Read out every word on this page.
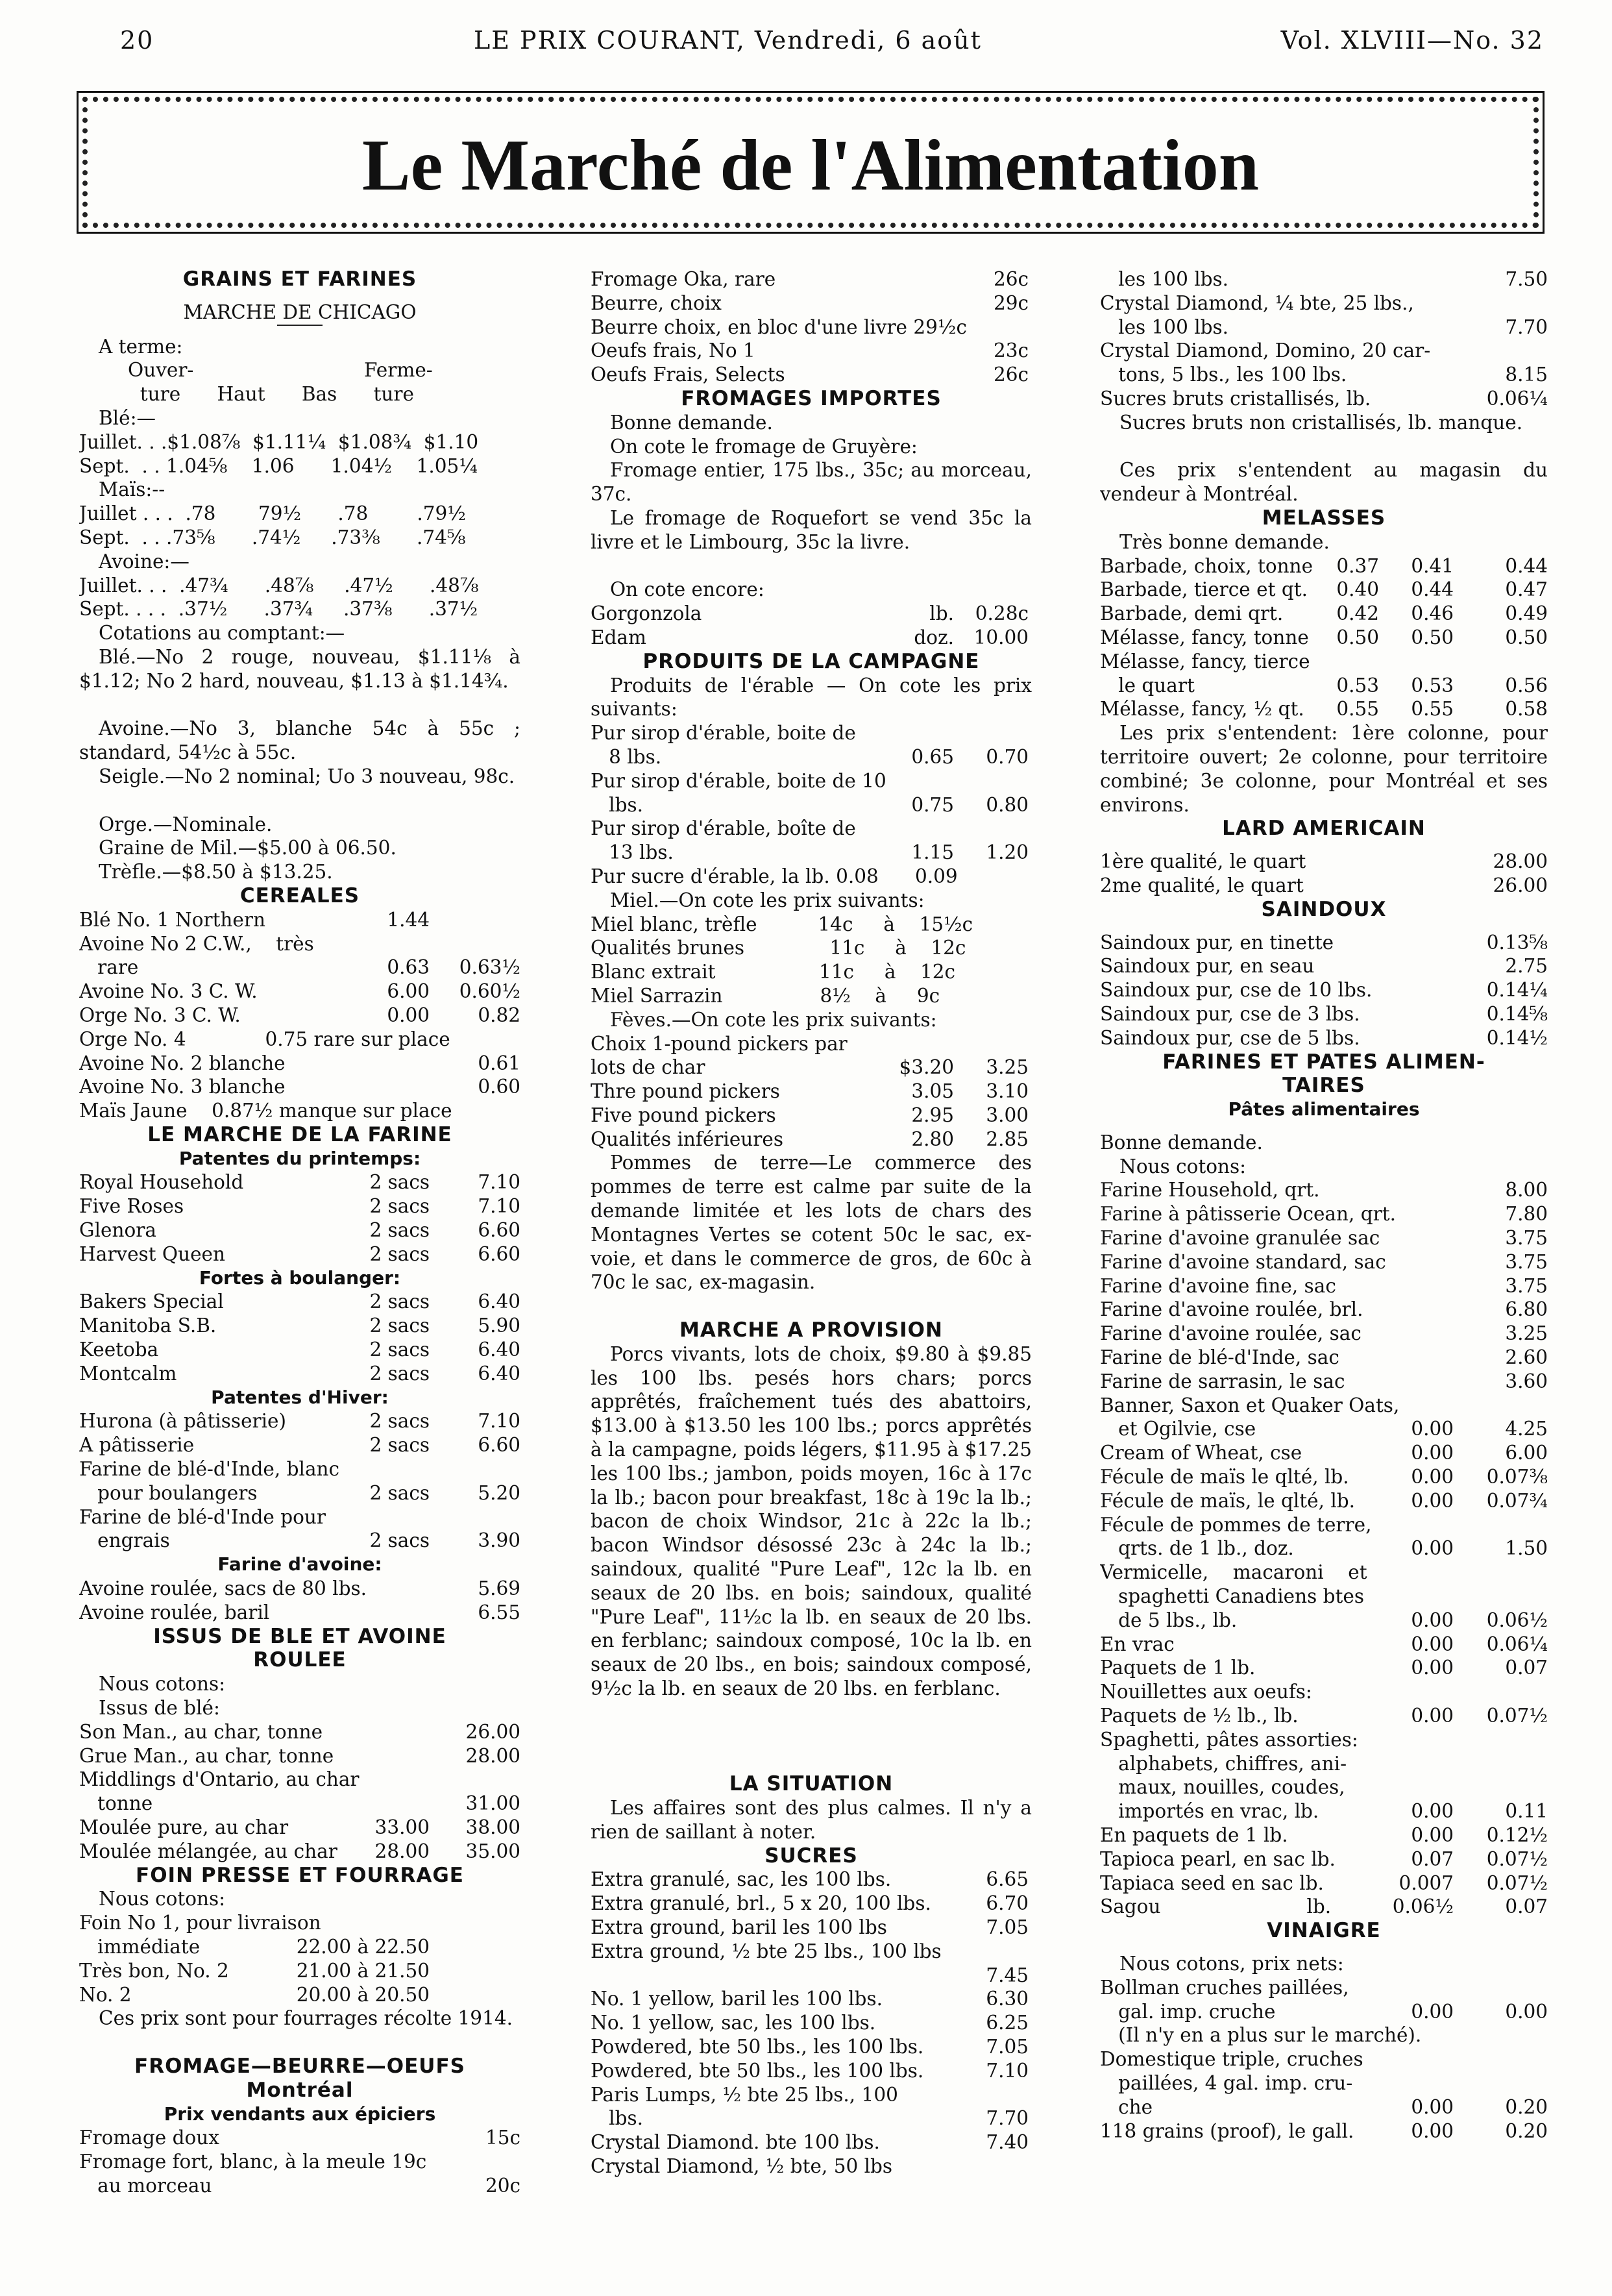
20	LE PRIX COURANT, Vendredi, 6 août	Vol. XLVIII—No. 32
Le Marché de l'Alimentation
GRAINS ET FARINES
MARCHE DE CHICAGO
A terme:
Ouver-                            Ferme-
ture      Haut      Bas      ture
Blé:—
Juillet. . .$1.08⅞  $1.11¼  $1.08¾  $1.10
Sept.  . . 1.04⅝    1.06      1.04½    1.05¼
Maïs:--
Juillet . . .  .78       79½      .78        .79½
Sept.  . . .73⅝      .74½     .73⅜      .74⅝
Avoine:—
Juillet. . .  .47¾      .48⅞     .47½      .48⅞
Sept. . . .  .37½      .37¾     .37⅜      .37½
Cotations au comptant:—
Blé.—No 2 rouge, nouveau, $1.11⅛ à $1.12; No 2 hard, nouveau, $1.13 à $1.14¾.
Avoine.—No 3, blanche 54c à 55c ; standard, 54½c à 55c.
Seigle.—No 2 nominal; Uo 3 nouveau, 98c.
Orge.—Nominale.
Graine de Mil.—$5.00 à 06.50.
Trèfle.—$8.50 à $13.25.
CEREALES
Blé No. 1 Northern	1.44
Avoine No 2 C.W.,    très
rare	0.63 0.63½
Avoine No. 3 C. W.	6.00 0.60½
Orge No. 3 C. W.	0.00	0.82
Orge No. 4             0.75 rare sur place
Avoine No. 2 blanche	0.61
Avoine No. 3 blanche	0.60
Maïs Jaune    0.87½ manque sur place
LE MARCHE DE LA FARINE
Patentes du printemps:
Royal Household	2 sacs	7.10
Five Roses	2 sacs	7.10
Glenora	2 sacs	6.60
Harvest Queen	2 sacs	6.60
Fortes à boulanger:
Bakers Special	2 sacs	6.40
Manitoba S.B.	2 sacs	5.90
Keetoba	2 sacs	6.40
Montcalm	2 sacs	6.40
Patentes d'Hiver:
Hurona (à pâtisserie)	2 sacs	7.10
A pâtisserie	2 sacs	6.60
Farine de blé-d'Inde, blanc
pour boulangers	2 sacs	5.20
Farine de blé-d'Inde pour
engrais	2 sacs	3.90
Farine d'avoine:
Avoine roulée, sacs de 80 lbs.	5.69
Avoine roulée, baril	6.55
ISSUS DE BLE ET AVOINE
ROULEE
Nous cotons:
Issus de blé:
Son Man., au char, tonne	26.00
Grue Man., au char, tonne	28.00
Middlings d'Ontario, au char
tonne	31.00
Moulée pure, au char	33.00 38.00
Moulée mélangée, au char 28.00 35.00
FOIN PRESSE ET FOURRAGE
Nous cotons:
Foin No 1, pour livraison
immédiate	22.00 à 22.50
Très bon, No. 2	21.00 à 21.50
No. 2	20.00 à 20.50
Ces prix sont pour fourrages récolte 1914.
FROMAGE—BEURRE—OEUFS
Montréal
Prix vendants aux épiciers
Fromage doux	15c
Fromage fort, blanc, à la meule 19c
au morceau	20c
Fromage Oka, rare	26c
Beurre, choix	29c
Beurre choix, en bloc d'une livre 29½c
Oeufs frais, No 1	23c
Oeufs Frais, Selects	26c
FROMAGES IMPORTES
Bonne demande.
On cote le fromage de Gruyère:
Fromage entier, 175 lbs., 35c; au morceau, 37c.
Le fromage de Roquefort se vend 35c la livre et le Limbourg, 35c la livre.
On cote encore:
Gorgonzola	lb. 0.28c
Edam	doz. 10.00
PRODUITS DE LA CAMPAGNE
Produits de l'érable — On cote les prix suivants:
Pur sirop d'érable, boite de
8 lbs.	0.65 0.70
Pur sirop d'érable, boite de 10
lbs.	0.75 0.80
Pur sirop d'érable, boîte de
13 lbs.	1.15 1.20
Pur sucre d'érable, la lb. 0.08      0.09
Miel.—On cote les prix suivants:
Miel blanc, trèfle          14c     à    15½c
Qualités brunes              11c     à    12c
Blanc extrait                 11c     à    12c
Miel Sarrazin                8½    à     9c
Fèves.—On cote les prix suivants:
Choix 1-pound pickers par
lots de char	$3.20 3.25
Thre pound pickers	3.05 3.10
Five pound pickers	2.95 3.00
Qualités inférieures	2.80 2.85
Pommes de terre—Le commerce des pommes de terre est calme par suite de la demande limitée et les lots de chars des Montagnes Vertes se cotent 50c le sac, ex-voie, et dans le commerce de gros, de 60c à 70c le sac, ex-magasin.
MARCHE A PROVISION
Porcs vivants, lots de choix, $9.80 à $9.85 les 100 lbs. pesés hors chars; porcs apprêtés, fraîchement tués des abattoirs, $13.00 à $13.50 les 100 lbs.; porcs apprêtés à la campagne, poids légers, $11.95 à $17.25 les 100 lbs.; jambon, poids moyen, 16c à 17c la lb.; bacon pour breakfast, 18c à 19c la lb.; bacon de choix Windsor, 21c à 22c la lb.; bacon Windsor désossé 23c à 24c la lb.; saindoux, qualité "Pure Leaf", 12c la lb. en seaux de 20 lbs. en bois; saindoux, qualité "Pure Leaf", 11½c la lb. en seaux de 20 lbs. en ferblanc; saindoux composé, 10c la lb. en seaux de 20 lbs., en bois; saindoux composé, 9½c la lb. en seaux de 20 lbs. en ferblanc.
LA SITUATION
Les affaires sont des plus calmes. Il n'y a rien de saillant à noter.
SUCRES
Extra granulé, sac, les 100 lbs.	6.65
Extra granulé, brl., 5 x 20, 100 lbs.	6.70
Extra ground, baril les 100 lbs	7.05
Extra ground, ½ bte 25 lbs., 100 lbs
7.45
No. 1 yellow, baril les 100 lbs.	6.30
No. 1 yellow, sac, les 100 lbs.	6.25
Powdered, bte 50 lbs., les 100 lbs.	7.05
Powdered, bte 50 lbs., les 100 lbs.	7.10
Paris Lumps, ½ bte 25 lbs., 100
lbs.	7.70
Crystal Diamond. bte 100 lbs.	7.40
Crystal Diamond, ½ bte, 50 lbs
les 100 lbs.	7.50
Crystal Diamond, ¼ bte, 25 lbs.,
les 100 lbs.	7.70
Crystal Diamond, Domino, 20 car-
tons, 5 lbs., les 100 lbs.	8.15
Sucres bruts cristallisés, lb.	0.06¼
Sucres bruts non cristallisés, lb. manque.
Ces prix s'entendent au magasin du vendeur à Montréal.
MELASSES
Très bonne demande.
Barbade, choix, tonne 0.37 0.41	0.44
Barbade, tierce et qt. 0.40 0.44	0.47
Barbade, demi qrt.	0.42 0.46	0.49
Mélasse, fancy, tonne 0.50 0.50	0.50
Mélasse, fancy, tierce
le quart	0.53 0.53	0.56
Mélasse, fancy, ½ qt. 0.55 0.55	0.58
Les prix s'entendent: 1ère colonne, pour territoire ouvert; 2e colonne, pour territoire combiné; 3e colonne, pour Montréal et ses environs.
LARD AMERICAIN
1ère qualité, le quart	28.00
2me qualité, le quart	26.00
SAINDOUX
Saindoux pur, en tinette	0.13⅝
Saindoux pur, en seau	2.75
Saindoux pur, cse de 10 lbs.	0.14¼
Saindoux pur, cse de 3 lbs.	0.14⅝
Saindoux pur, cse de 5 lbs.	0.14½
FARINES ET PATES ALIMEN-
TAIRES
Pâtes alimentaires
Bonne demande.
Nous cotons:
Farine Household, qrt.	8.00
Farine à pâtisserie Ocean, qrt.	7.80
Farine d'avoine granulée sac	3.75
Farine d'avoine standard, sac	3.75
Farine d'avoine fine, sac	3.75
Farine d'avoine roulée, brl.	6.80
Farine d'avoine roulée, sac	3.25
Farine de blé-d'Inde, sac	2.60
Farine de sarrasin, le sac	3.60
Banner, Saxon et Quaker Oats,
et Ogilvie, cse	0.00	4.25
Cream of Wheat, cse	0.00	6.00
Fécule de maïs le qlté, lb.	0.00 0.07⅜
Fécule de maïs, le qlté, lb.	0.00 0.07¾
Fécule de pommes de terre,
qrts. de 1 lb., doz.	0.00	1.50
Vermicelle,    macaroni    et
spaghetti Canadiens btes
de 5 lbs., lb.	0.00 0.06½
En vrac	0.00 0.06¼
Paquets de 1 lb.	0.00	0.07
Nouillettes aux oeufs:
Paquets de ½ lb., lb.	0.00 0.07½
Spaghetti, pâtes assorties:
alphabets, chiffres, ani-
maux, nouilles, coudes,
importés en vrac, lb.	0.00	0.11
En paquets de 1 lb.	0.00 0.12½
Tapioca pearl, en sac lb.	0.07 0.07½
Tapiaca seed en sac lb.	0.007 0.07½
Sagou                        lb.	0.06½	0.07
VINAIGRE
Nous cotons, prix nets:
Bollman cruches paillées,
gal. imp. cruche	0.00	0.00
(Il n'y en a plus sur le marché).
Domestique triple, cruches
paillées, 4 gal. imp. cru-
che	0.00	0.20
118 grains (proof), le gall.	0.00	0.20
